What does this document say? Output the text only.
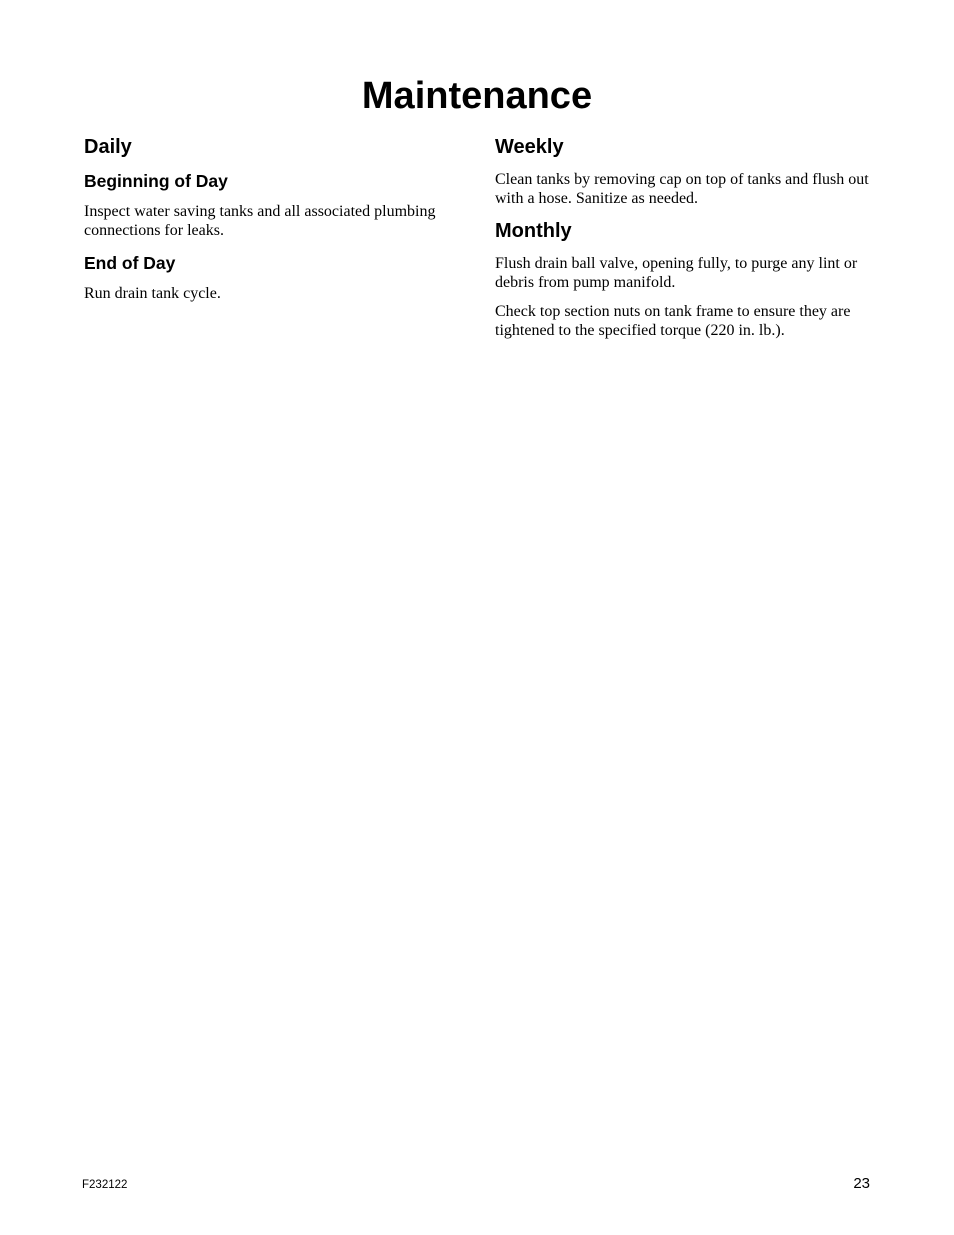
Maintenance
Daily
Beginning of Day

Inspect water saving tanks and all associated plumbing connections for leaks.

End of Day

Run drain tank cycle.

Weekly

Clean tanks by removing cap on top of tanks and flush out with a hose. Sanitize as needed.

Monthly

Flush drain ball valve, opening fully, to purge any lint or debris from pump manifold.

Check top section nuts on tank frame to ensure they are tightened to the specified torque (220 in. lb.).

F232122	23
